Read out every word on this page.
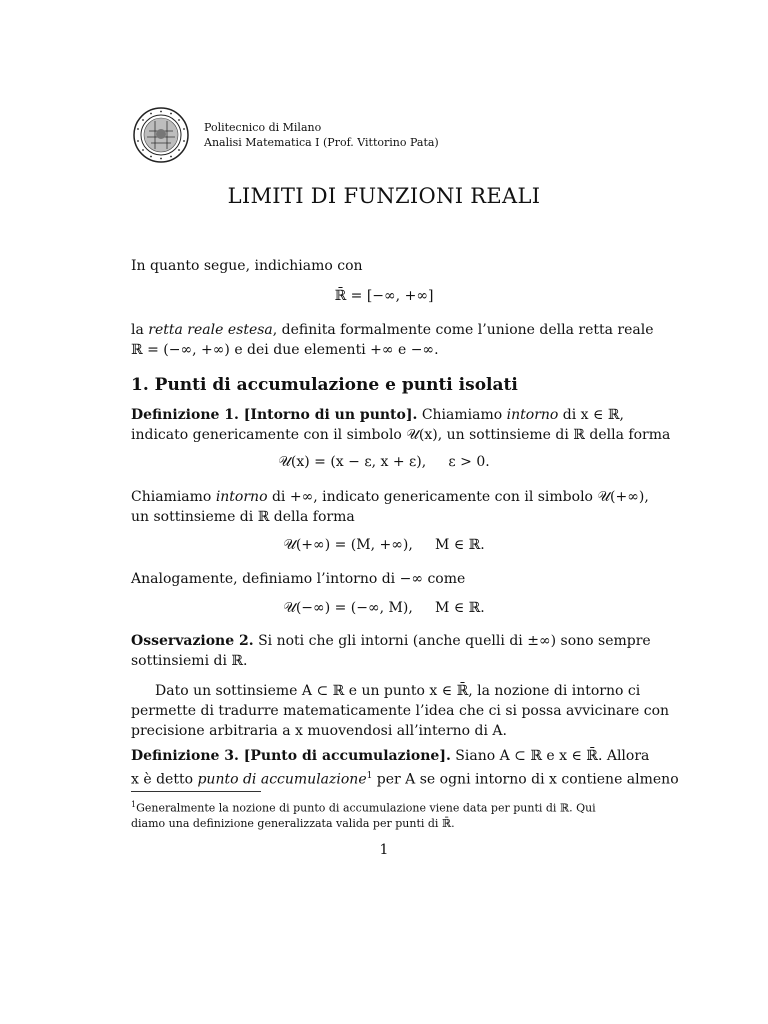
Politecnico di Milano
Analisi Matematica I (Prof. Vittorino Pata)
LIMITI DI FUNZIONI REALI
In quanto segue, indichiamo con
ℝ̄ = [−∞, +∞]
la retta reale estesa, definita formalmente come l’unione della retta reale
ℝ = (−∞, +∞) e dei due elementi +∞ e −∞.
1. Punti di accumulazione e punti isolati
Definizione 1. [Intorno di un punto]. Chiamiamo intorno di x ∈ ℝ,
indicato genericamente con il simbolo 𝒰(x), un sottinsieme di ℝ della forma
𝒰(x) = (x − ε, x + ε),     ε > 0.
Chiamiamo intorno di +∞, indicato genericamente con il simbolo 𝒰(+∞),
un sottinsieme di ℝ della forma
𝒰(+∞) = (M, +∞),     M ∈ ℝ.
Analogamente, definiamo l’intorno di −∞ come
𝒰(−∞) = (−∞, M),     M ∈ ℝ.
Osservazione 2. Si noti che gli intorni (anche quelli di ±∞) sono sempre
sottinsiemi di ℝ.
Dato un sottinsieme A ⊂ ℝ e un punto x ∈ ℝ̄, la nozione di intorno ci
permette di tradurre matematicamente l’idea che ci si possa avvicinare con
precisione arbitraria a x muovendosi all’interno di A.
Definizione 3. [Punto di accumulazione]. Siano A ⊂ ℝ e x ∈ ℝ̄. Allora
x è detto punto di accumulazione$^1$ per A se ogni intorno di x contiene almeno
$^1$Generalmente la nozione di punto di accumulazione viene data per punti di ℝ. Qui
diamo una definizione generalizzata valida per punti di ℝ̄.
1
